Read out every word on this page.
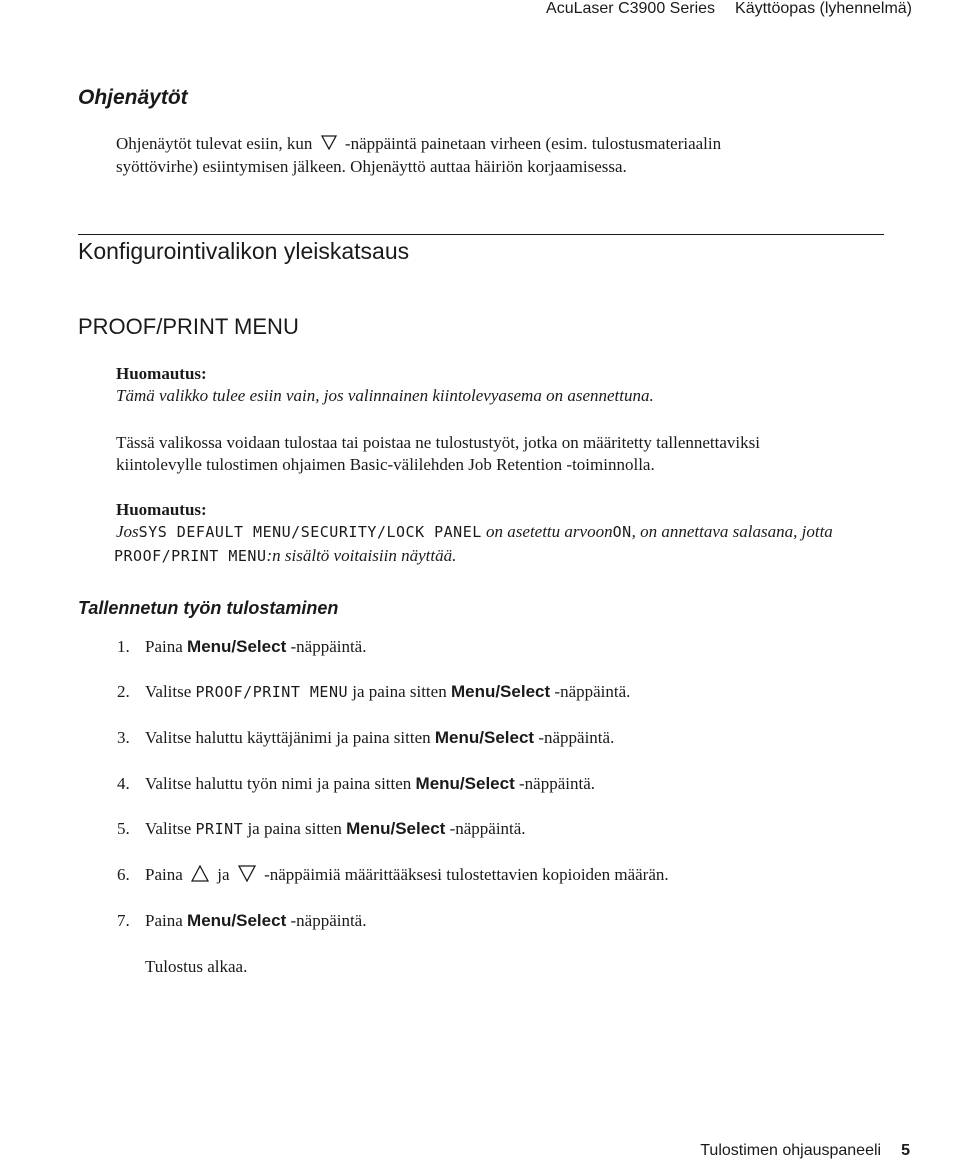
AcuLaser C3900 Series Käyttöopas (lyhennelmä)
Ohjenäytöt
Ohjenäytöt tulevat esiin, kun -näppäintä painetaan virheen (esim. tulostusmateriaalin
syöttövirhe) esiintymisen jälkeen. Ohjenäyttö auttaa häiriön korjaamisessa.
Konfigurointivalikon yleiskatsaus
PROOF/PRINT MENU
Huomautus:
Tämä valikko tulee esiin vain, jos valinnainen kiintolevyasema on asennettuna.
Tässä valikossa voidaan tulostaa tai poistaa ne tulostustyöt, jotka on määritetty tallennettaviksi
kiintolevylle tulostimen ohjaimen Basic-välilehden Job Retention -toiminnolla.
Huomautus:
JosSYS DEFAULT MENU/SECURITY/LOCK PANEL on asetettu arvoonON, on annettava salasana, jotta
PROOF/PRINT MENU:n sisältö voitaisiin näyttää.
Tallennetun työn tulostaminen
1. Paina Menu/Select -näppäintä.
2. Valitse PROOF/PRINT MENU ja paina sitten Menu/Select -näppäintä.
3. Valitse haluttu käyttäjänimi ja paina sitten Menu/Select -näppäintä.
4. Valitse haluttu työn nimi ja paina sitten Menu/Select -näppäintä.
5. Valitse PRINT ja paina sitten Menu/Select -näppäintä.
6. Paina ja -näppäimiä määrittääksesi tulostettavien kopioiden määrän.
7. Paina Menu/Select -näppäintä.
Tulostus alkaa.
Tulostimen ohjauspaneeli 5
